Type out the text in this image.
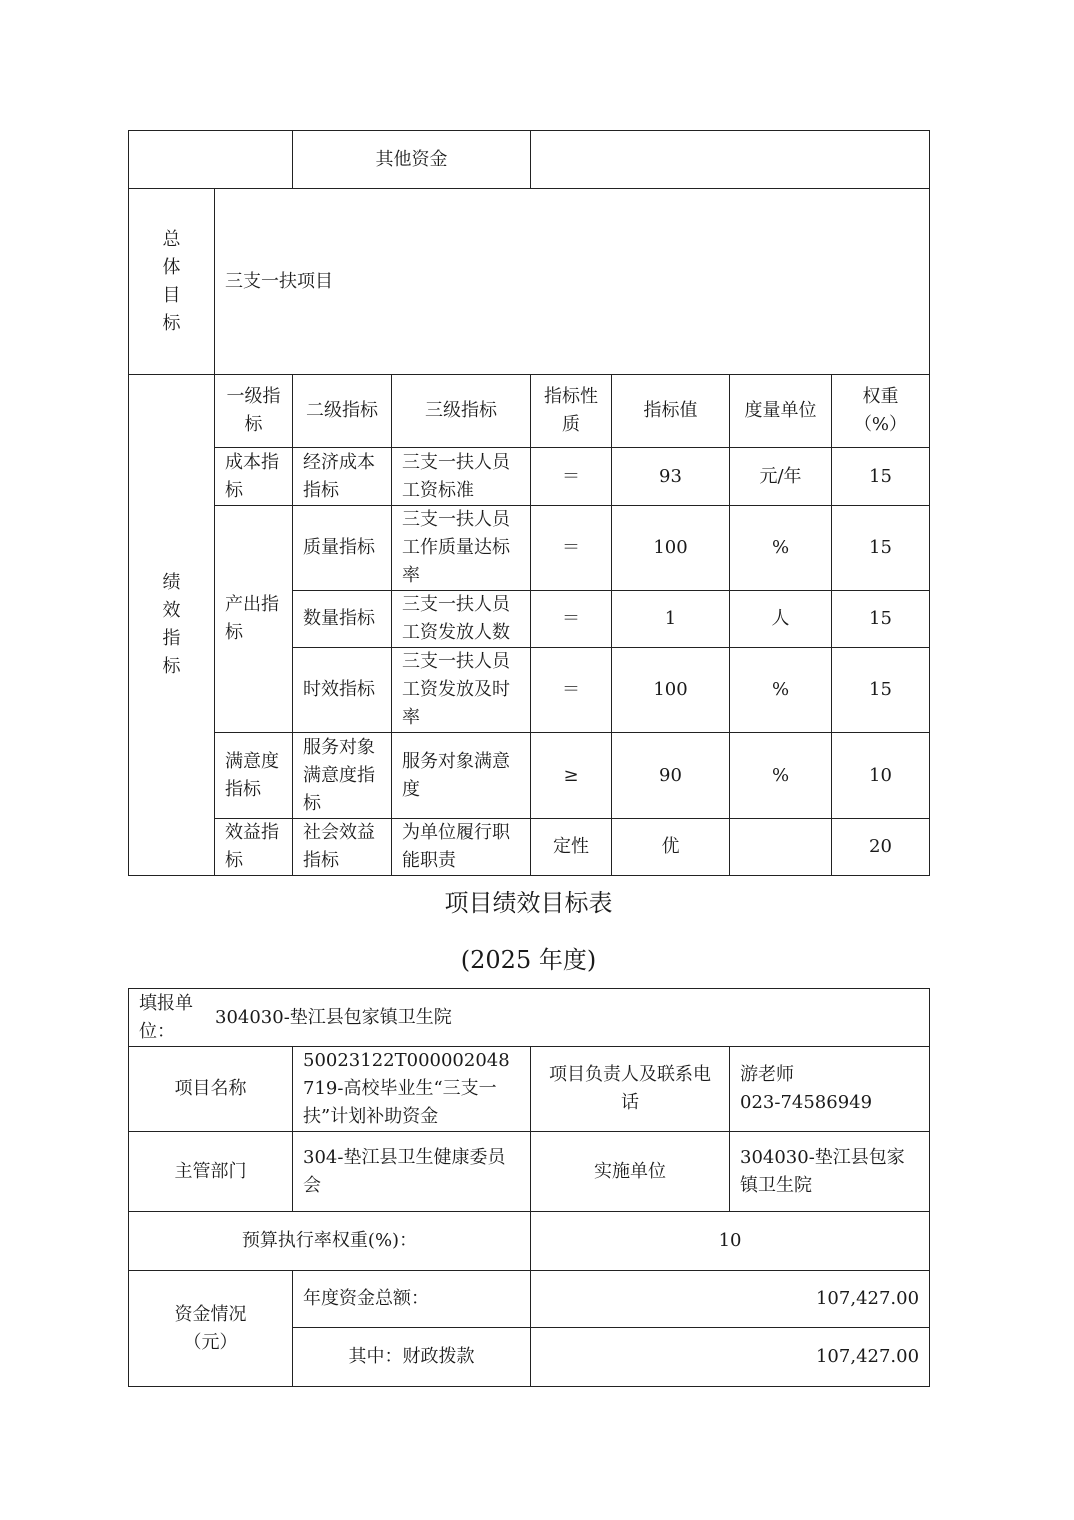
		其他资金					

总
体
目
标	三支一扶项目						

绩
效
指
标	一级指标	二级指标	三级指标	指标性质	指标值	度量单位	权重（%）
	成本指标	经济成本指标	三支一扶人员工资标准	＝	93	元/年	15
	产出指标	质量指标	三支一扶人员工作质量达标率	＝	100	%	15
		数量指标	三支一扶人员工资发放人数	＝	1	人	15
		时效指标	三支一扶人员工资发放及时率	＝	100	%	15
	满意度指标	服务对象满意度指标	服务对象满意度	≥	90	%	10
	效益指标	社会效益指标	为单位履行职能职责	定性	优		20
项目绩效目标表
(2025 年度)
填报单位：
304030-垫江县包家镇卫生院			

项目名称	50023122T000002048719-高校毕业生“三支一扶”计划补助资金	项目负责人及联系电话	游老师
023-74586949

主管部门	304-垫江县卫生健康委员会	实施单位	304030-垫江县包家镇卫生院
预算执行率权重(%)：		10	

资金情况
（元）	年度资金总额：	107,427.00	
	其中：财政拨款	107,427.00	
